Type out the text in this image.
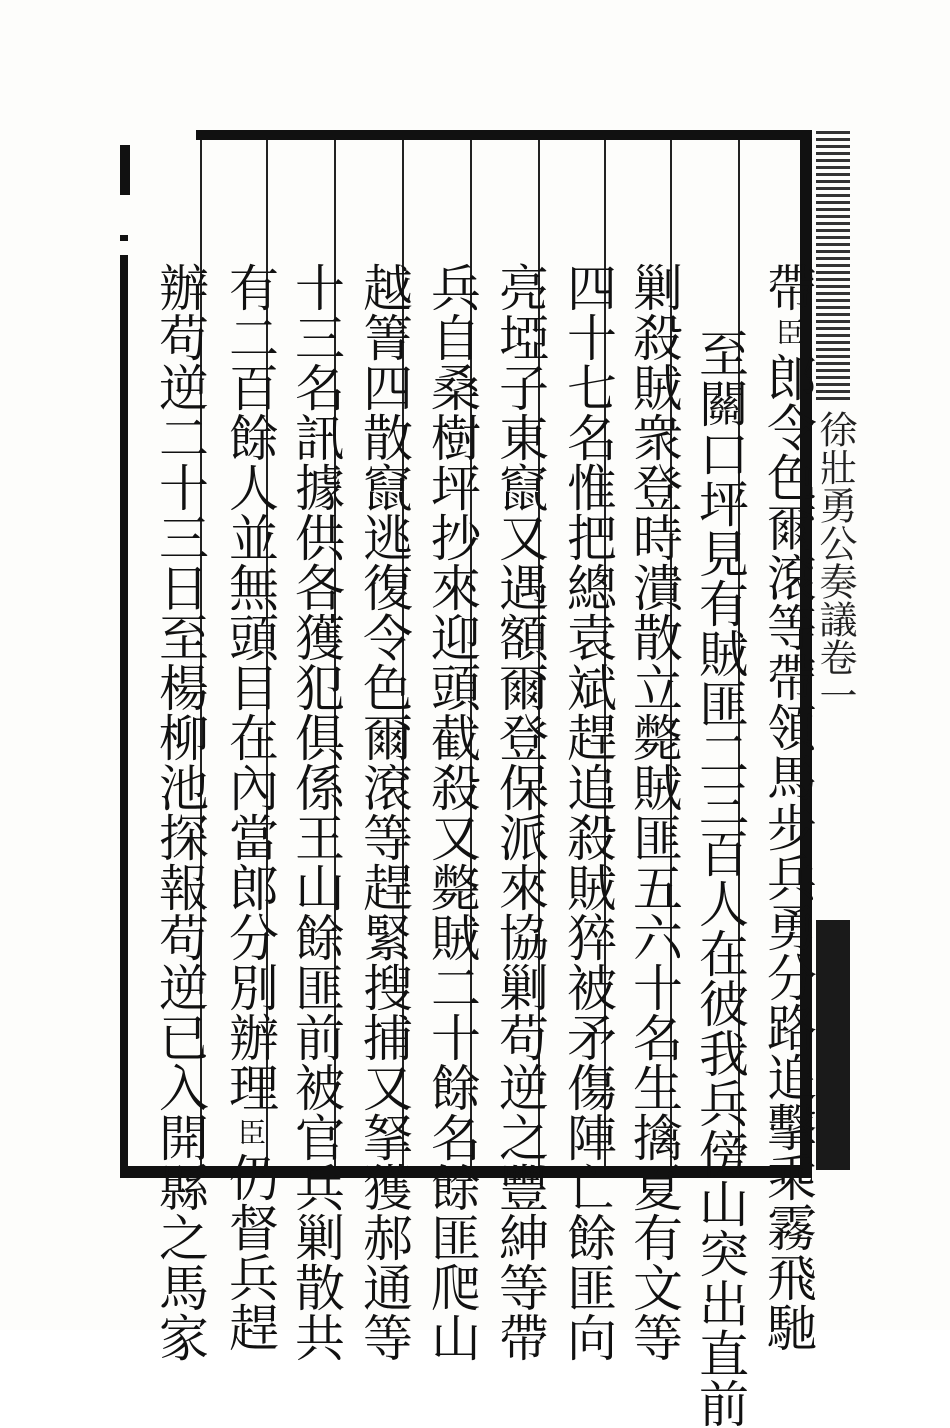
徐壯勇公奏議卷一
帶臣郎令色爾滾等帶領馬步兵勇分路追擊乘霧飛馳
至關口坪見有賊匪二三百人在彼我兵傍山突出直前
剿殺賊衆登時潰散立斃賊匪五六十名生擒夏有文等
四十七名惟把總袁斌趕追殺賊猝被矛傷陣亡餘匪向
亮埡子東竄又遇額爾登保派來協剿苟逆之豐紳等帶
兵自桑樹坪抄來迎頭截殺又斃賊二十餘名餘匪爬山
越箐四散竄逃復令色爾滾等趕緊搜捕又拏獲郝通等
十三名訊據供各獲犯俱係王山餘匪前被官兵剿散共
有二百餘人並無頭目在內當郎分別辦理臣仍督兵趕
辦苟逆二十三日至楊柳池探報苟逆已入開縣之馬家
